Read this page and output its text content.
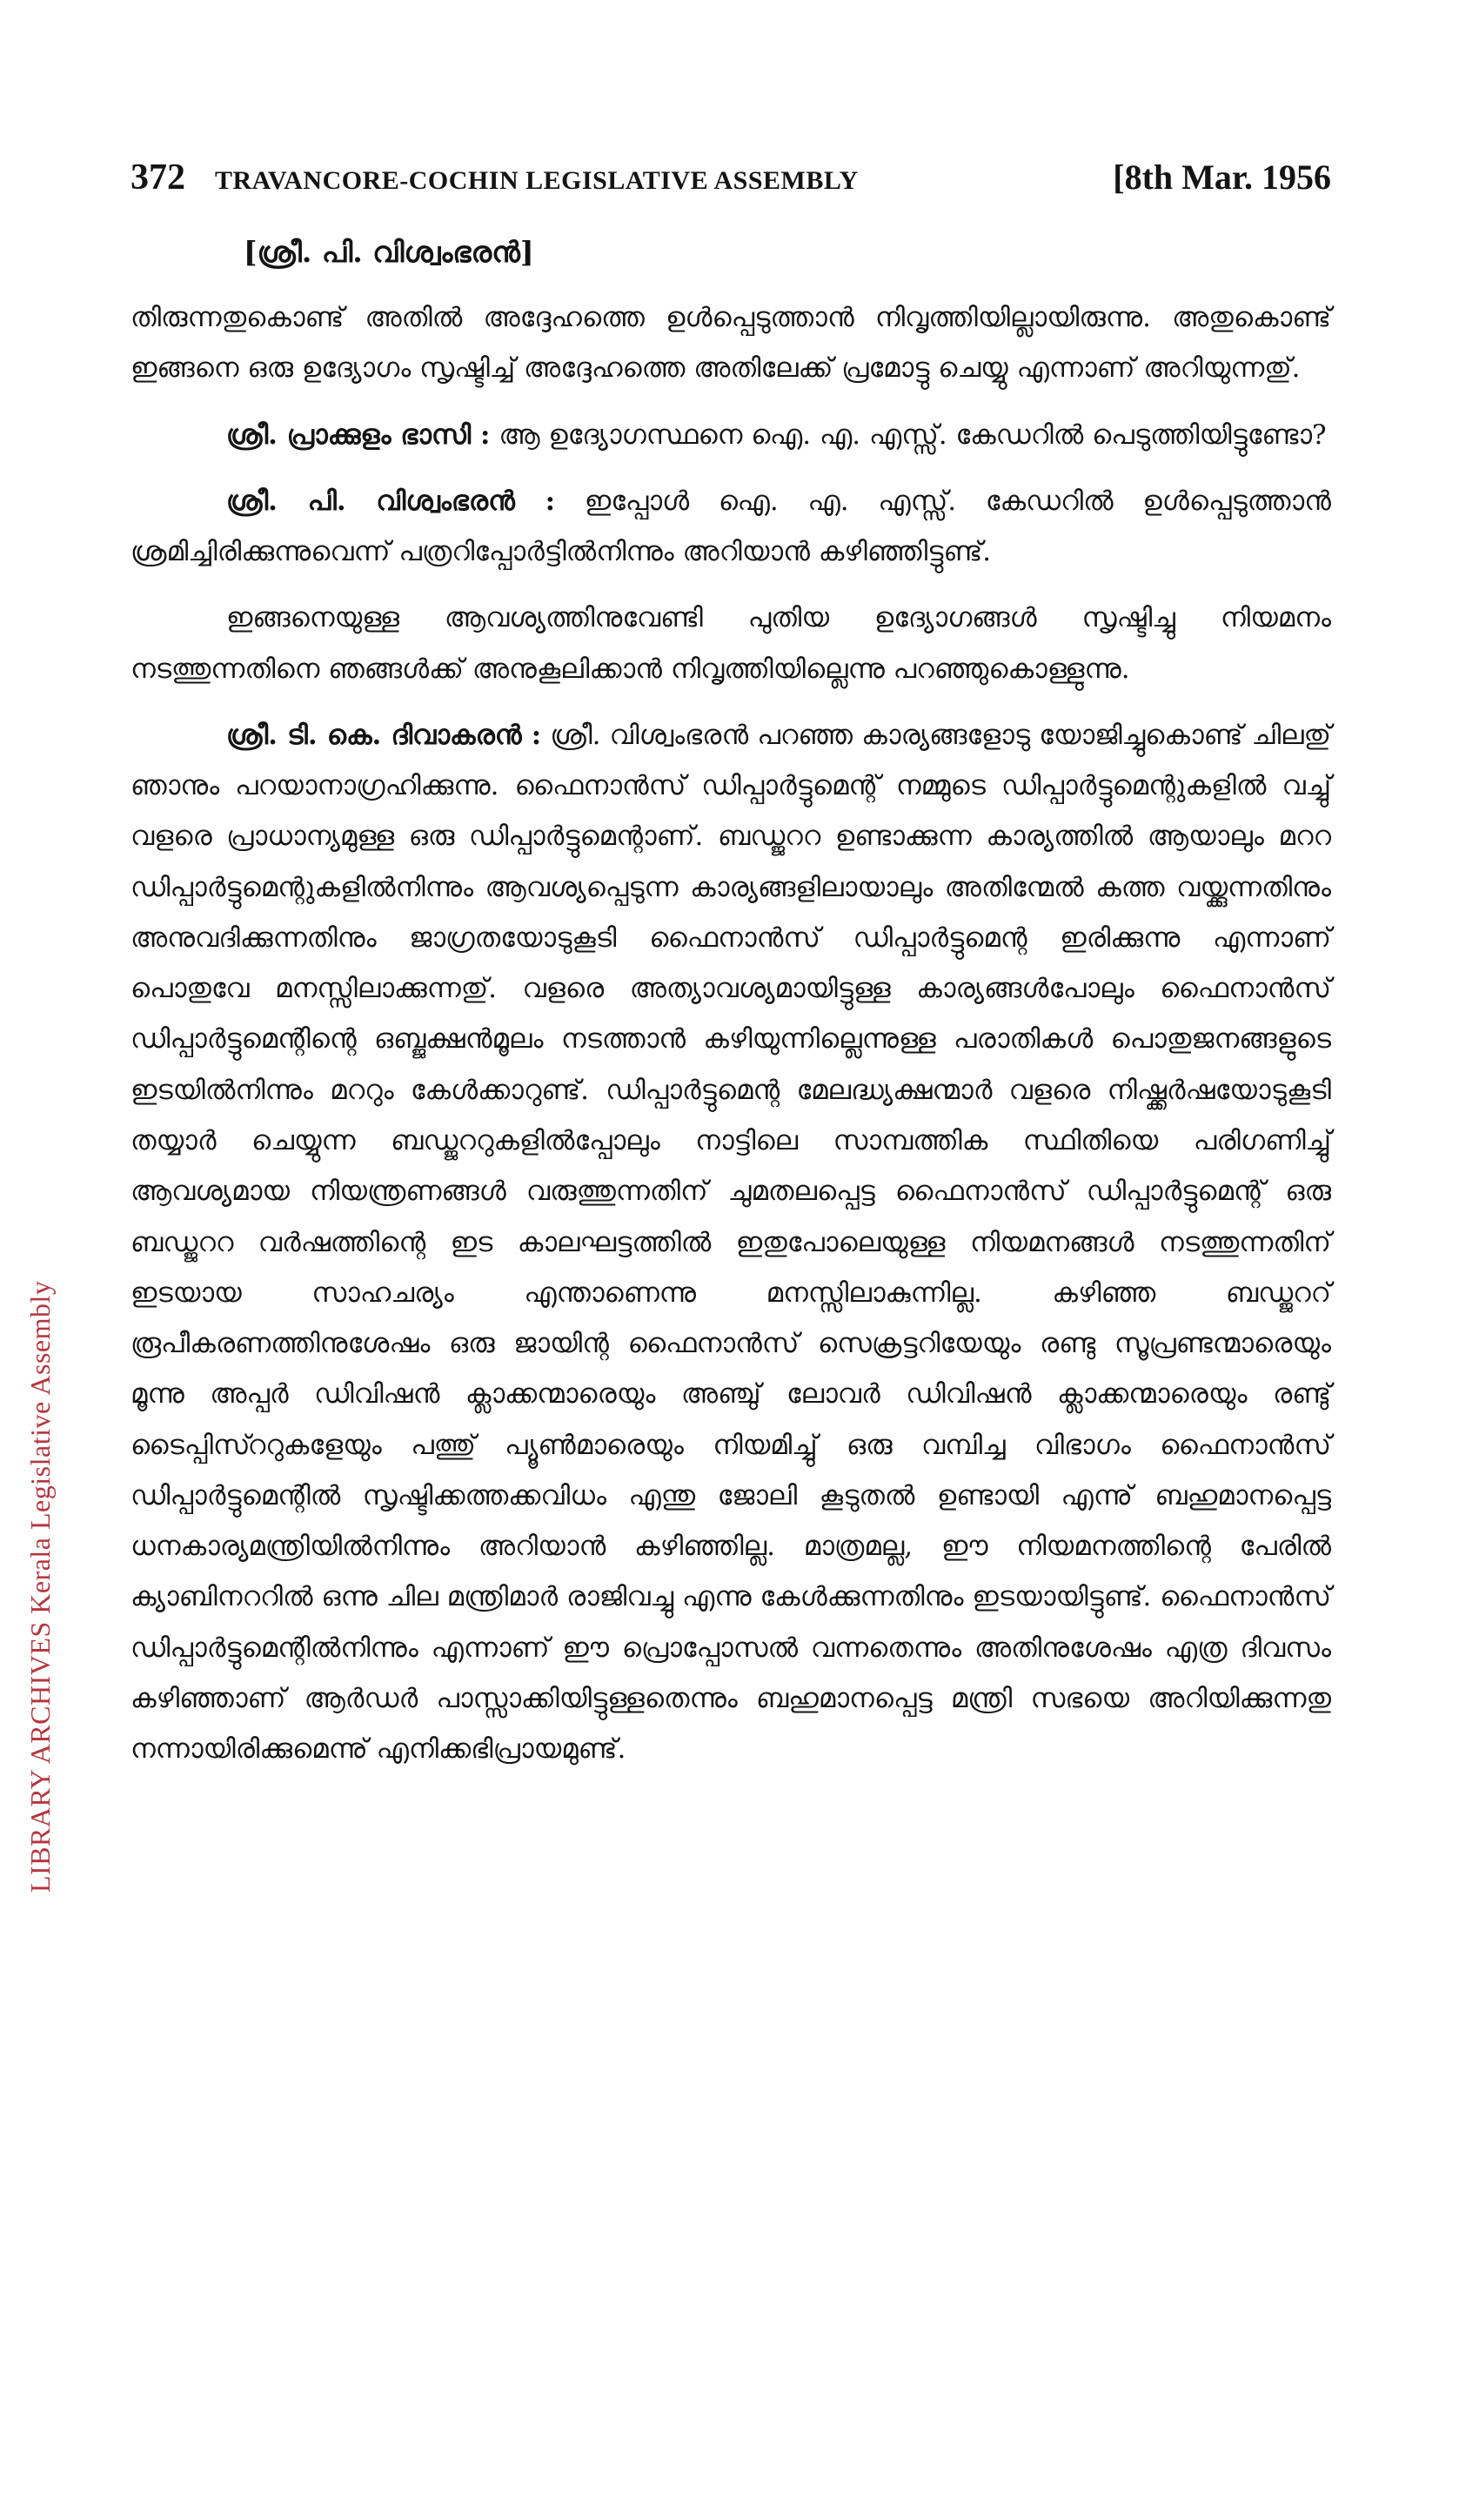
372 TRAVANCORE-COCHIN LEGISLATIVE ASSEMBLY	[8th Mar. 1956
[ശ്രീ. പി. വിശ്വംഭരൻ]

തിരുന്നതുകൊണ്ട് അതിൽ അദ്ദേഹത്തെ ഉൾപ്പെടുത്താൻ നിവൃത്തിയില്ലായിരുന്നു. അതുകൊണ്ട് ഇങ്ങനെ ഒരു ഉദ്യോഗം സൃഷ്ടിച്ച് അദ്ദേഹത്തെ അതിലേക്ക് പ്രമോട്ടു ചെയ്യു എന്നാണ് അറിയുന്നതു്.

ശ്രീ. പ്രാക്കുളം ഭാസി : ആ ഉദ്യോഗസ്ഥനെ ഐ. എ. എസ്സ്. കേഡറിൽ പെടുത്തിയിട്ടുണ്ടോ?

ശ്രീ. പി. വിശ്വംഭരൻ : ഇപ്പോൾ ഐ. എ. എസ്സ്. കേഡറിൽ ഉൾപ്പെടുത്താൻ ശ്രമിച്ചിരിക്കുന്നുവെന്ന് പത്രറിപ്പോർട്ടിൽനിന്നും അറിയാൻ കഴിഞ്ഞിട്ടുണ്ട്.

ഇങ്ങനെയുള്ള ആവശ്യത്തിനുവേണ്ടി പുതിയ ഉദ്യോഗങ്ങൾ സൃഷ്ടിച്ചു നിയമനം നടത്തുന്നതിനെ ഞങ്ങൾക്ക് അനുകൂലിക്കാൻ നിവൃത്തിയില്ലെന്നു പറഞ്ഞുകൊള്ളുന്നു.

ശ്രീ. ടി. കെ. ദിവാകരൻ : ശ്രീ. വിശ്വംഭരൻ പറഞ്ഞ കാര്യങ്ങളോടു യോജിച്ചുകൊണ്ട് ചിലതു് ഞാനും പറയാനാഗ്രഹിക്കുന്നു. ഫൈനാൻസ് ഡിപ്പാർട്ടുമെന്റ് നമ്മുടെ ഡിപ്പാർട്ടുമെന്റുകളിൽ വച്ചു് വളരെ പ്രാധാന്യമുള്ള ഒരു ഡിപ്പാർട്ടുമെന്റാണ്. ബഡ്ജററ ഉണ്ടാക്കുന്ന കാര്യത്തിൽ ആയാലും മററ ഡിപ്പാർട്ടുമെന്റുകളിൽനിന്നും ആവശ്യപ്പെടുന്ന കാര്യങ്ങളിലായാലും അതിന്മേൽ കത്ത വയ്ക്കുന്നതിനും അനുവദിക്കുന്നതിനും ജാഗ്രതയോടുകൂടി ഫൈനാൻസ് ഡിപ്പാർട്ടുമെന്റ ഇരിക്കുന്നു എന്നാണ് പൊതുവേ മനസ്സിലാക്കുന്നതു്. വളരെ അത്യാവശ്യമായിട്ടുള്ള കാര്യങ്ങൾപോലും ഫൈനാൻസ് ഡിപ്പാർട്ടുമെന്റിന്റെ ഒബ്ജക്ഷൻമൂലം നടത്താൻ കഴിയുന്നില്ലെന്നുള്ള പരാതികൾ പൊതുജനങ്ങളുടെ ഇടയിൽനിന്നും മററും കേൾക്കാറുണ്ട്. ഡിപ്പാർട്ടുമെന്റ മേലദ്ധ്യക്ഷന്മാർ വളരെ നിഷ്ക്കർഷയോടുകൂടി തയ്യാർ ചെയ്യുന്ന ബഡ്ജററുകളിൽപ്പോലും നാട്ടിലെ സാമ്പത്തിക സ്ഥിതിയെ പരിഗണിച്ചു് ആവശ്യമായ നിയന്ത്രണങ്ങൾ വരുത്തുന്നതിന് ചുമതലപ്പെട്ട ഫൈനാൻസ് ഡിപ്പാർട്ടുമെന്റ് ഒരു ബഡ്ജററ വർഷത്തിന്റെ ഇട കാലഘട്ടത്തിൽ ഇതുപോലെയുള്ള നിയമനങ്ങൾ നടത്തുന്നതിന് ഇടയായ സാഹചര്യം എന്താണെന്നു മനസ്സിലാകുന്നില്ല. കഴിഞ്ഞ ബഡ്ജററ് രൂപീകരണത്തിനുശേഷം ഒരു ജായിന്റ ഫൈനാൻസ് സെക്രട്ടറിയേയും രണ്ടു സൂപ്രണ്ടന്മാരെയും മൂന്നു അപ്പർ ഡിവിഷൻ ക്ലാക്കന്മാരെയും അഞ്ചു് ലോവർ ഡിവിഷൻ ക്ലാക്കന്മാരെയും രണ്ടു് ടൈപ്പിസ്ററുകളേയും പത്തു് പ്യൂൺമാരെയും നിയമിച്ചു് ഒരു വമ്പിച്ച വിഭാഗം ഫൈനാൻസ് ഡിപ്പാർട്ടുമെന്റിൽ സൃഷ്ടിക്കത്തക്കവിധം എന്തു ജോലി കൂടുതൽ ഉണ്ടായി എന്നു് ബഹുമാനപ്പെട്ട ധനകാര്യമന്ത്രിയിൽനിന്നും അറിയാൻ കഴിഞ്ഞില്ല. മാത്രമല്ല, ഈ നിയമനത്തിന്റെ പേരിൽ ക്യാബിനററിൽ ഒന്നു ചില മന്ത്രിമാർ രാജിവച്ചു എന്നു കേൾക്കുന്നതിനും ഇടയായിട്ടുണ്ട്. ഫൈനാൻസ് ഡിപ്പാർട്ടുമെന്റിൽനിന്നും എന്നാണ് ഈ പ്രൊപ്പോസൽ വന്നതെന്നും അതിനുശേഷം എത്ര ദിവസം കഴിഞ്ഞാണ് ആർഡർ പാസ്സാക്കിയിട്ടുള്ളതെന്നും ബഹുമാനപ്പെട്ട മന്ത്രി സഭയെ അറിയിക്കുന്നതു നന്നായിരിക്കുമെന്നു് എനിക്കഭിപ്രായമുണ്ട്.

LIBRARY ARCHIVES Kerala Legislative Assembly
